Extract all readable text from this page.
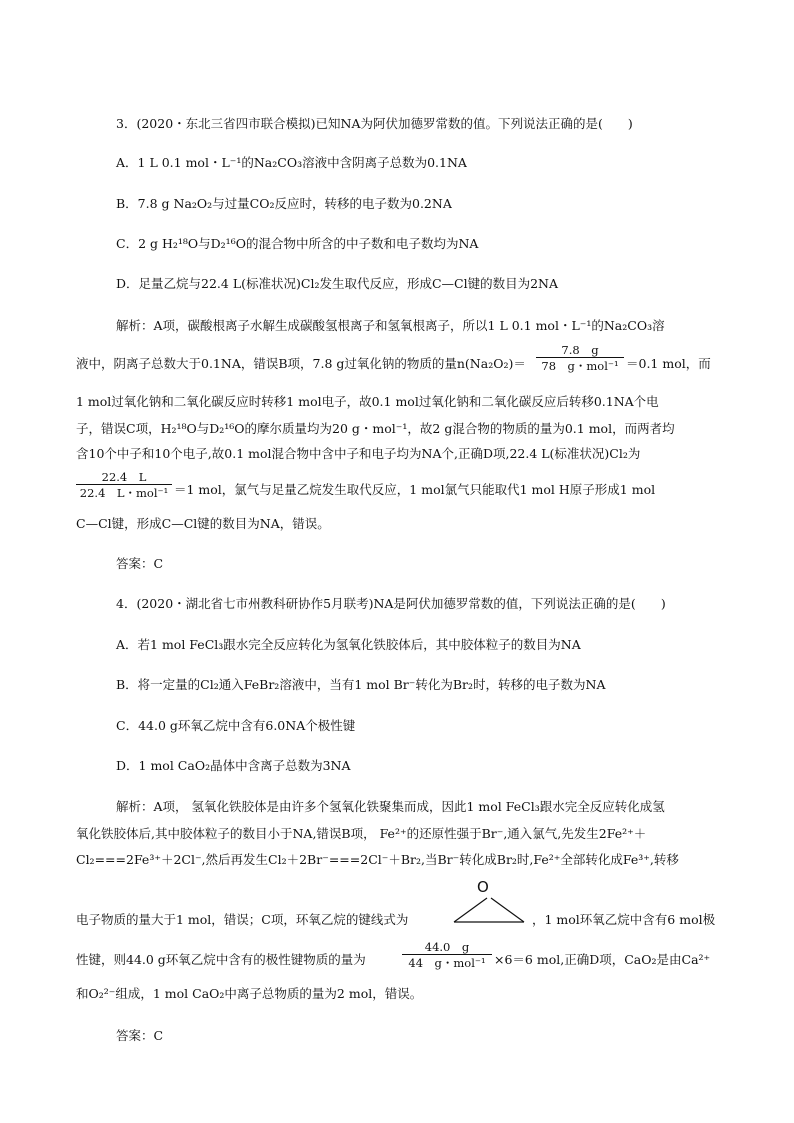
3．(2020・东北三省四市联合模拟)已知NA为阿伏加德罗常数的值。下列说法正确的是(　　)
A．1 L 0.1 mol・L⁻¹的Na₂CO₃溶液中含阴离子总数为0.1NA
B．7.8 g Na₂O₂与过量CO₂反应时，转移的电子数为0.2NA
C．2 g H₂¹⁸O与D₂¹⁶O的混合物中所含的中子数和电子数均为NA
D．足量乙烷与22.4 L(标准状况)Cl₂发生取代反应，形成C—Cl键的数目为2NA
解析：A项，碳酸根离子水解生成碳酸氢根离子和氢氧根离子，所以1 L 0.1 mol・L⁻¹的Na₂CO₃溶
液中，阴离子总数大于0.1NA，错误B项，7.8 g过氧化钠的物质的量n(Na₂O₂)＝
7.8　g
78　g・mol⁻¹ ＝0.1 mol，而
1 mol过氧化钠和二氧化碳反应时转移1 mol电子，故0.1 mol过氧化钠和二氧化碳反应后转移0.1NA个电
子，错误C项，H₂¹⁸O与D₂¹⁶O的摩尔质量均为20 g・mol⁻¹，故2 g混合物的物质的量为0.1 mol，而两者均
含10个中子和10个电子,故0.1 mol混合物中含中子和电子均为NA个,正确D项,22.4 L(标准状况)Cl₂为
22.4　L
22.4　L・mol⁻¹ ＝1 mol，氯气与足量乙烷发生取代反应，1 mol氯气只能取代1 mol H原子形成1 mol
C—Cl键，形成C—Cl键的数目为NA，错误。
答案：C
4．(2020・湖北省七市州教科研协作5月联考)NA是阿伏加德罗常数的值，下列说法正确的是(　　)
A．若1 mol FeCl₃跟水完全反应转化为氢氧化铁胶体后，其中胶体粒子的数目为NA
B．将一定量的Cl₂通入FeBr₂溶液中，当有1 mol Br⁻转化为Br₂时，转移的电子数为NA
C．44.0 g环氧乙烷中含有6.0NA个极性键
D．1 mol CaO₂晶体中含离子总数为3NA
解析：A项， 氢氧化铁胶体是由许多个氢氧化铁聚集而成，因此1 mol FeCl₃跟水完全反应转化成氢
氧化铁胶体后,其中胶体粒子的数目小于NA,错误B项， Fe²⁺的还原性强于Br⁻,通入氯气,先发生2Fe²⁺＋
Cl₂===2Fe³⁺＋2Cl⁻,然后再发生Cl₂＋2Br⁻===2Cl⁻＋Br₂,当Br⁻转化成Br₂时,Fe²⁺全部转化成Fe³⁺,转移
电子物质的量大于1 mol，错误；C项，环氧乙烷的键线式为
O
，1 mol环氧乙烷中含有6 mol极
性键，则44.0 g环氧乙烷中含有的极性键物质的量为
44.0　g
44　g・mol⁻¹ ×6＝6 mol,正确D项，CaO₂是由Ca²⁺
和O₂²⁻组成，1 mol CaO₂中离子总物质的量为2 mol，错误。
答案：C
